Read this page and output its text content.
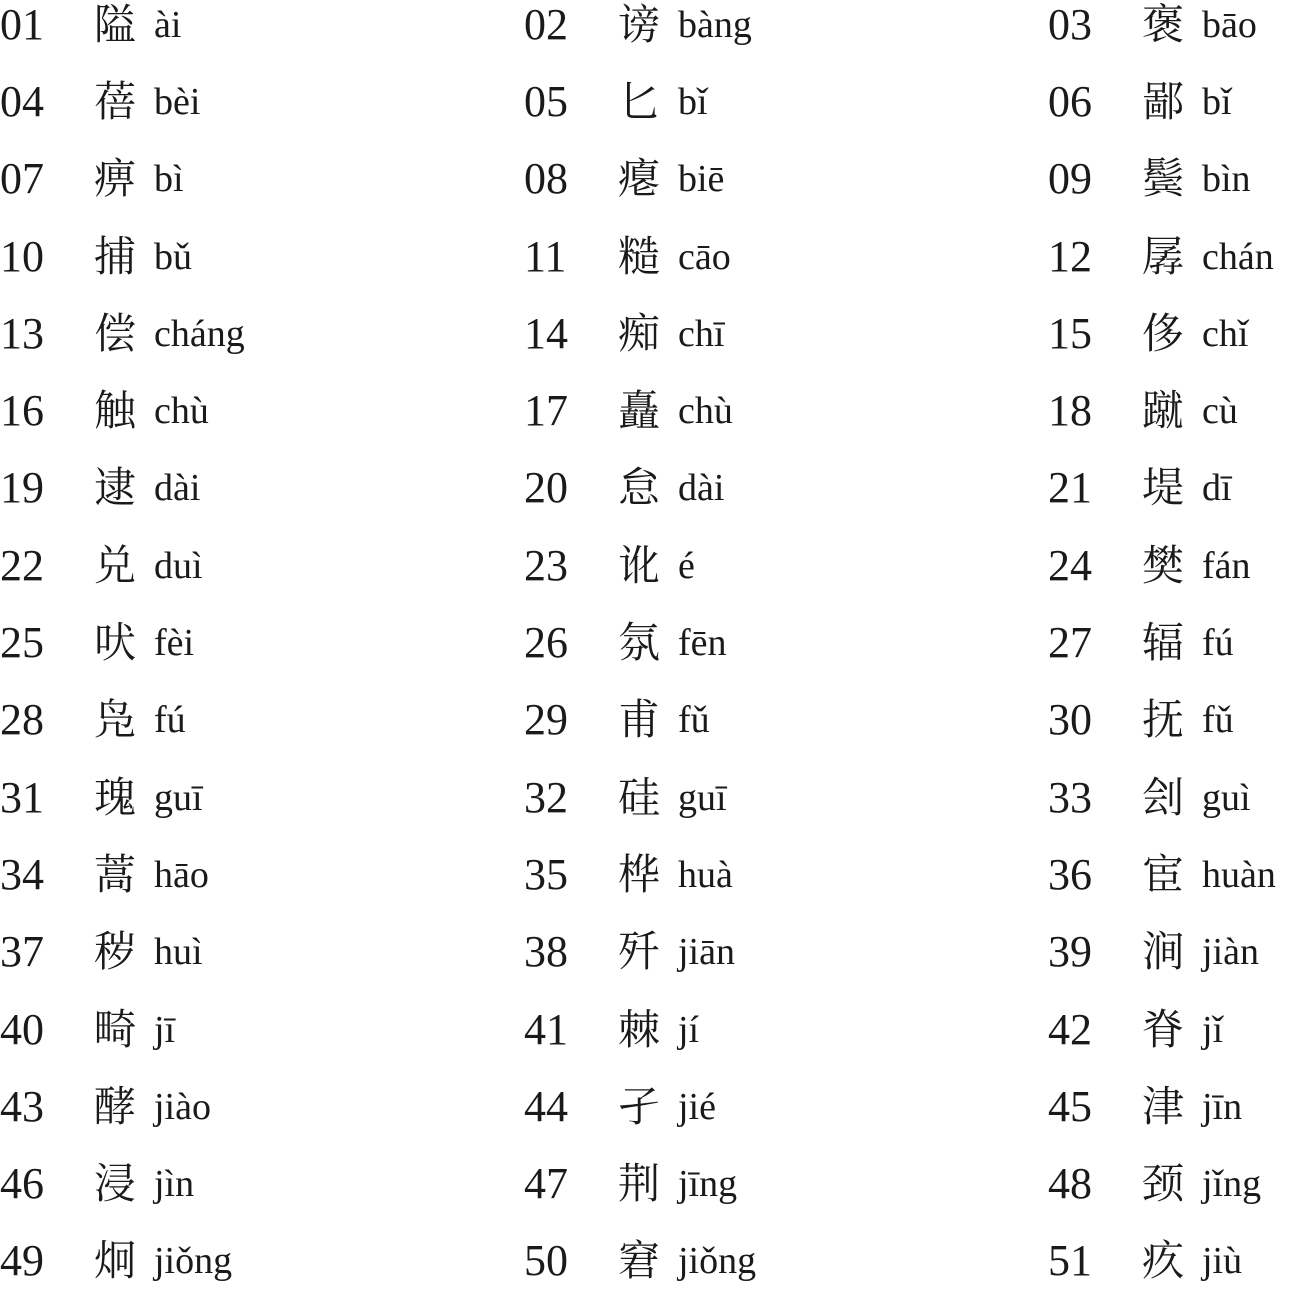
01	隘 ài	02	谤 bàng	03	褒 bāo
04	蓓 bèi	05	匕 bǐ	06	鄙 bǐ
07	痹 bì	08	瘪 biē	09	鬓 bìn
10	捕 bǔ	11	糙 cāo	12	孱 chán
13	偿 cháng	14	痴 chī	15	侈 chǐ
16	触 chù	17	矗 chù	18	蹴 cù
19	逮 dài	20	怠 dài	21	堤 dī
22	兑 duì	23	讹 é	24	樊 fán
25	吠 fèi	26	氛 fēn	27	辐 fú
28	凫 fú	29	甫 fǔ	30	抚 fǔ
31	瑰 guī	32	硅 guī	33	刽 guì
34	蒿 hāo	35	桦 huà	36	宦 huàn
37	秽 huì	38	歼 jiān	39	涧 jiàn
40	畸 jī	41	棘 jí	42	脊 jǐ
43	酵 jiào	44	孑 jié	45	津 jīn
46	浸 jìn	47	荆 jīng	48	颈 jǐng
49	炯 jiǒng	50	窘 jiǒng	51	疚 jiù
